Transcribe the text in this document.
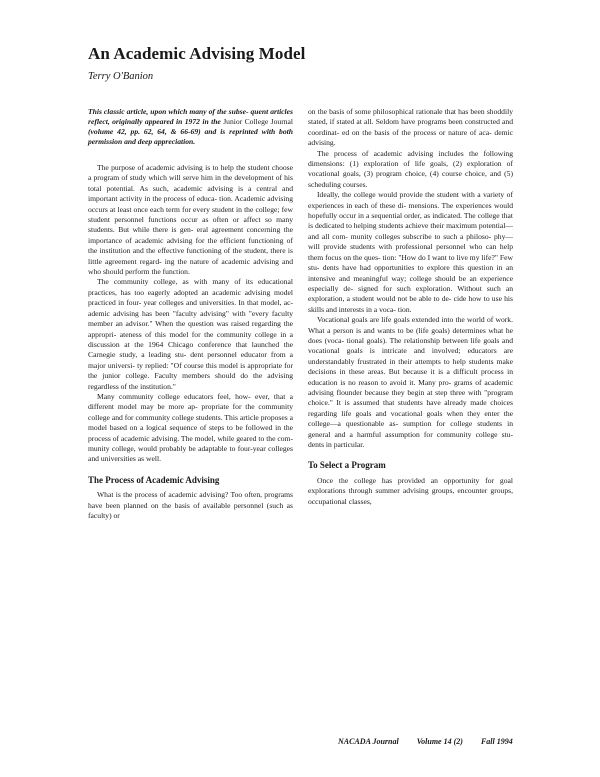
An Academic Advising Model
Terry O'Banion

This classic article, upon which many of the subse- quent articles reflect, originally appeared in 1972 in the Junior College Journal (volume 42, pp. 62, 64, & 66-69) and is reprinted with both permission and deep appreciation.

The purpose of academic advising is to help the student choose a program of study which will serve him in the development of his total potential. As such, academic advising is a central and important activity in the process of educa- tion. Academic advising occurs at least once each term for every student in the college; few student personnel functions occur as often or affect so many students. But while there is gen- eral agreement concerning the importance of academic advising for the efficient functioning of the institution and the effective functioning of the student, there is little agreement regard- ing the nature of academic advising and who should perform the function.

The community college, as with many of its educational practices, has too eagerly adopted an academic advising model practiced in four- year colleges and universities. In that model, ac- ademic advising has been "faculty advising" with "every faculty member an advisor." When the question was raised regarding the appropri- ateness of this model for the community college in a discussion at the 1964 Chicago conference that launched the Carnegie study, a leading stu- dent personnel educator from a major universi- ty replied: "Of course this model is appropriate for the junior college. Faculty members should do the advising regardless of the institution."

Many community college educators feel, how- ever, that a different model may be more ap- propriate for the community college and for community college students. This article proposes a model based on a logical sequence of steps to be followed in the process of academic advising. The model, while geared to the com- munity college, would probably be adaptable to four-year colleges and universities as well.

The Process of Academic Advising

What is the process of academic advising? Too often, programs have been planned on the basis of available personnel (such as faculty) or

on the basis of some philosophical rationale that has been shoddily stated, if stated at all. Seldom have programs been constructed and coordinat- ed on the basis of the process or nature of aca- demic advising.

The process of academic advising includes the following dimensions: (1) exploration of life goals, (2) exploration of vocational goals, (3) program choice, (4) course choice, and (5) scheduling courses.

Ideally, the college would provide the student with a variety of experiences in each of these di- mensions. The experiences would hopefully occur in a sequential order, as indicated. The college that is dedicated to helping students achieve their maximum potential—and all com- munity colleges subscribe to such a philoso- phy—will provide students with professional personnel who can help them focus on the ques- tion: "How do I want to live my life?" Few stu- dents have had opportunities to explore this question in an intensive and meaningful way; college should be an experience especially de- signed for such exploration. Without such an exploration, a student would not be able to de- cide how to use his skills and interests in a voca- tion.

Vocational goals are life goals extended into the world of work. What a person is and wants to be (life goals) determines what he does (voca- tional goals). The relationship between life goals and vocational goals is intricate and involved; educators are understandably frustrated in their attempts to help students make decisions in these areas. But because it is a difficult process in education is no reason to avoid it. Many pro- grams of academic advising flounder because they begin at step three with "program choice." It is assumed that students have already made choices regarding life goals and vocational goals when they enter the college—a questionable as- sumption for college students in general and a harmful assumption for community college stu- dents in particular.

To Select a Program

Once the college has provided an opportunity for goal explorations through summer advising groups, encounter groups, occupational classes,

NACADA Journal Volume 14 (2) Fall 1994
